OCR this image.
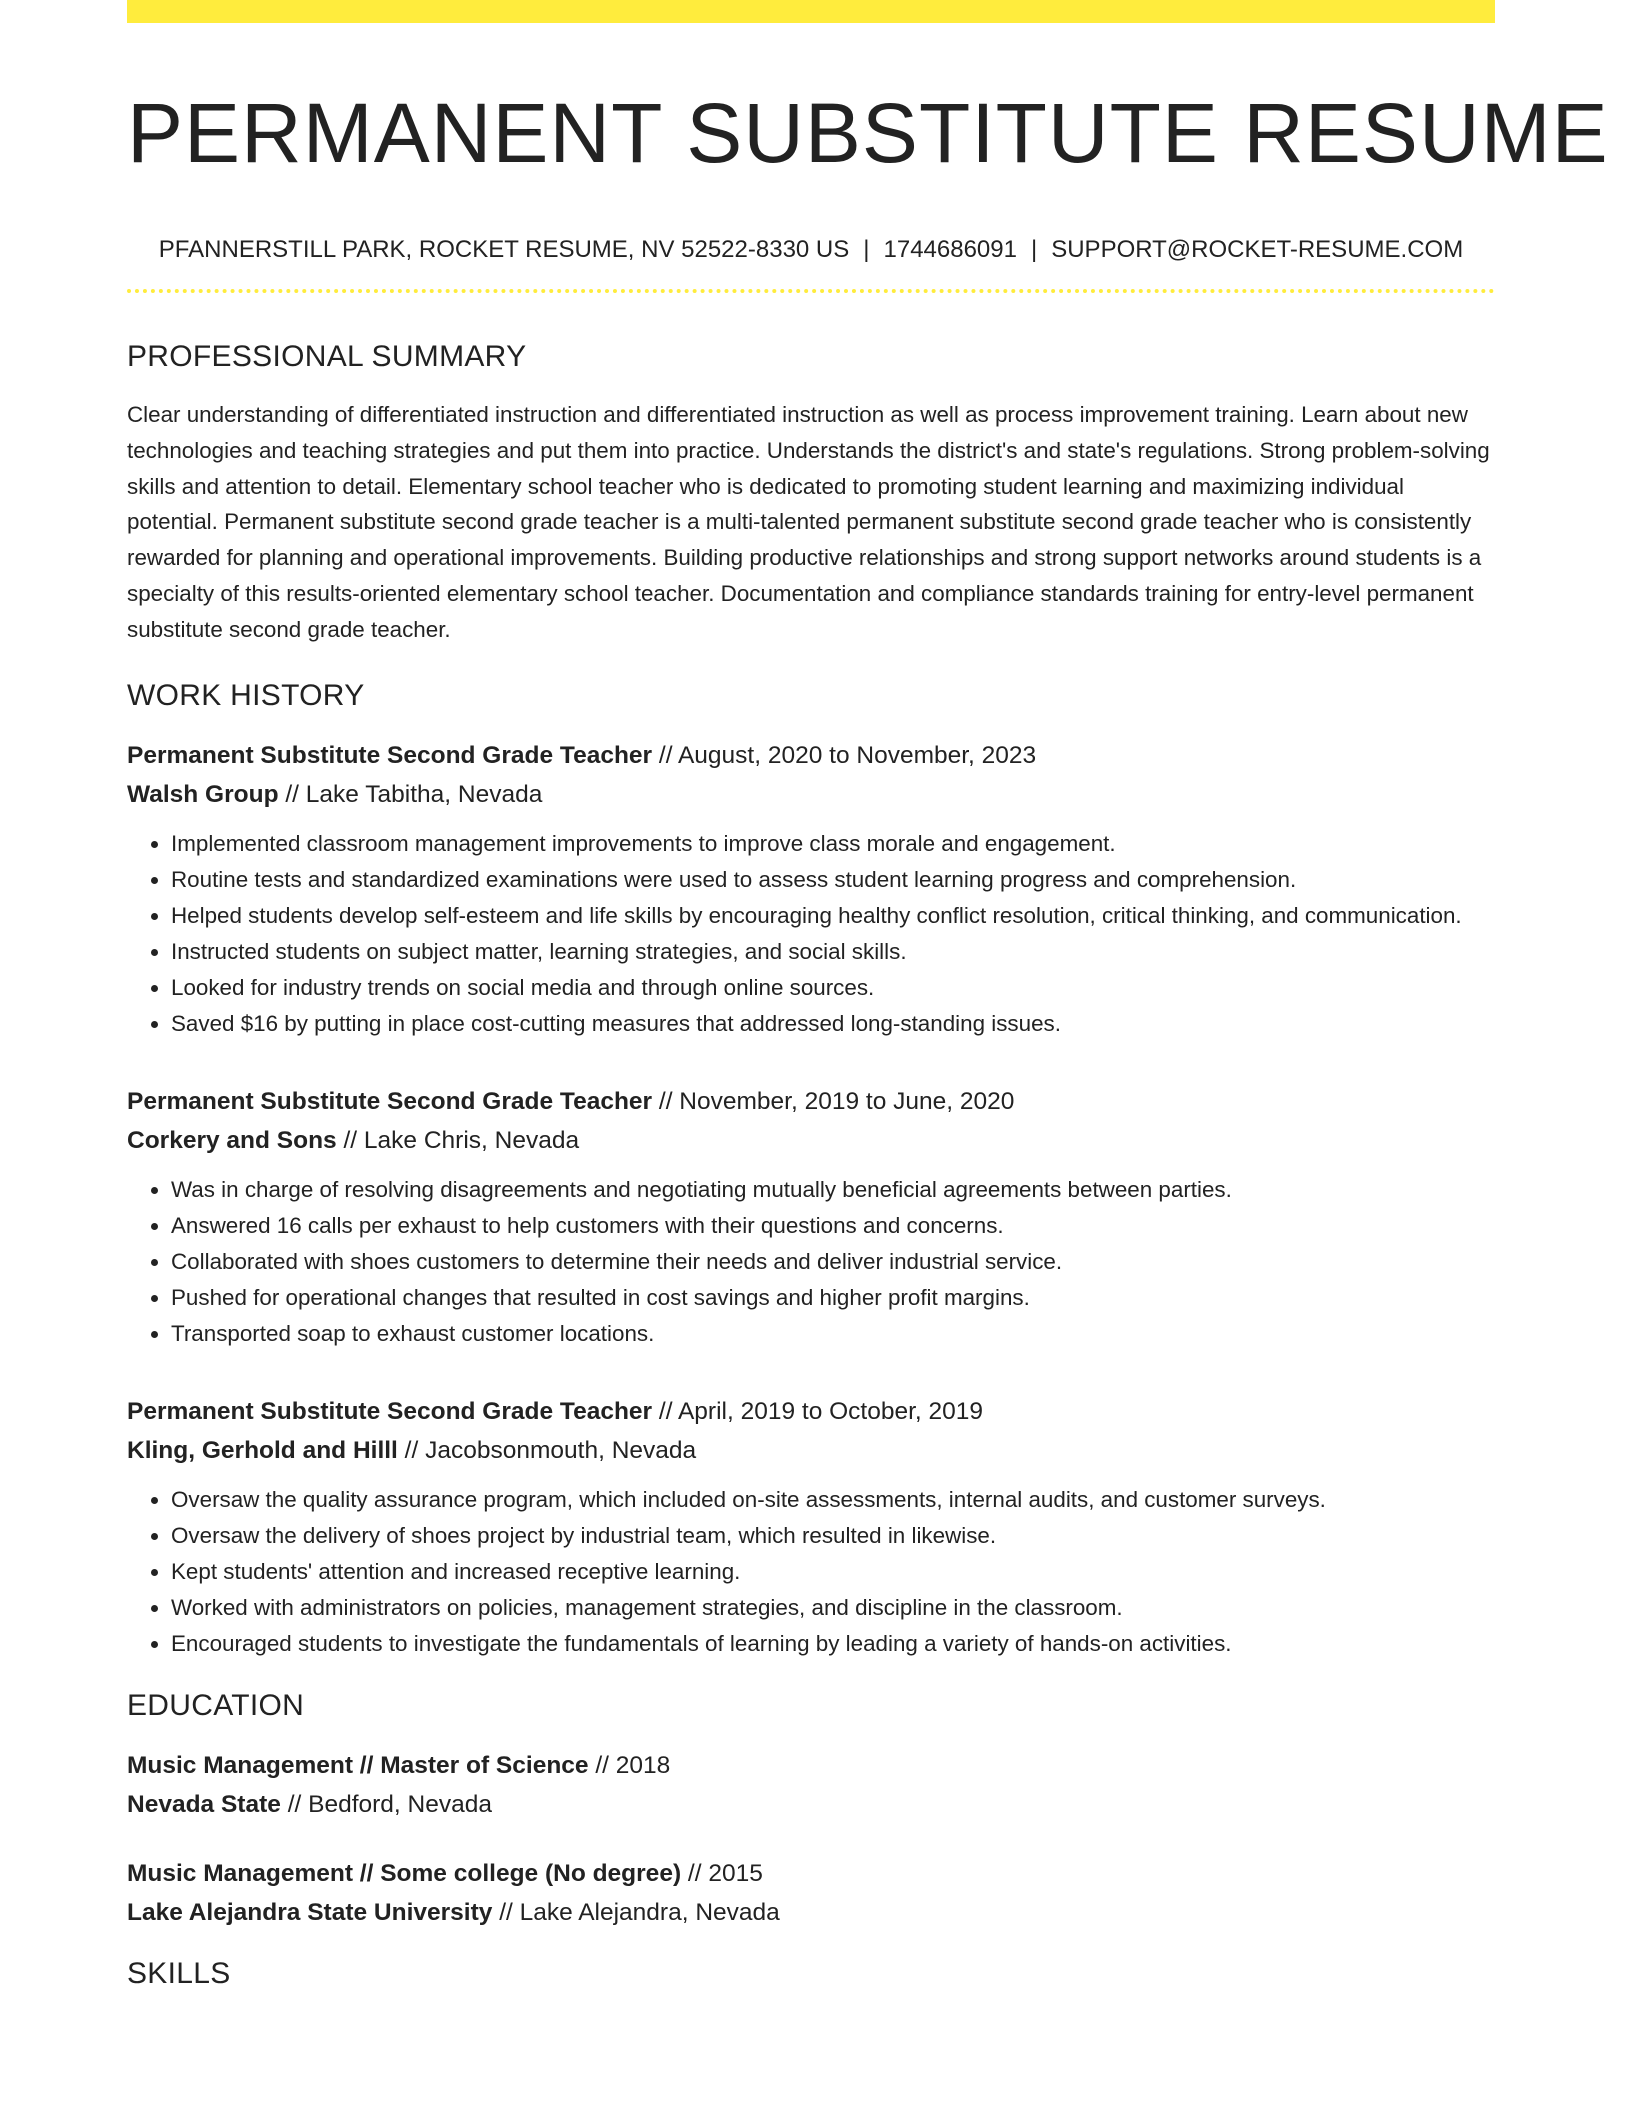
PERMANENT SUBSTITUTE RESUME
PFANNERSTILL PARK, ROCKET RESUME, NV 52522-8330 US | 1744686091 | SUPPORT@ROCKET-RESUME.COM
PROFESSIONAL SUMMARY

Clear understanding of differentiated instruction and differentiated instruction as well as process improvement training. Learn about new technologies and teaching strategies and put them into practice. Understands the district's and state's regulations. Strong problem-solving skills and attention to detail. Elementary school teacher who is dedicated to promoting student learning and maximizing individual potential. Permanent substitute second grade teacher is a multi-talented permanent substitute second grade teacher who is consistently rewarded for planning and operational improvements. Building productive relationships and strong support networks around students is a specialty of this results-oriented elementary school teacher. Documentation and compliance standards training for entry-level permanent substitute second grade teacher.

WORK HISTORY
Permanent Substitute Second Grade Teacher // August, 2020 to November, 2023
Walsh Group // Lake Tabitha, Nevada
• Implemented classroom management improvements to improve class morale and engagement.
• Routine tests and standardized examinations were used to assess student learning progress and comprehension.
• Helped students develop self-esteem and life skills by encouraging healthy conflict resolution, critical thinking, and communication.
• Instructed students on subject matter, learning strategies, and social skills.
• Looked for industry trends on social media and through online sources.
• Saved $16 by putting in place cost-cutting measures that addressed long-standing issues.
Permanent Substitute Second Grade Teacher // November, 2019 to June, 2020
Corkery and Sons // Lake Chris, Nevada
• Was in charge of resolving disagreements and negotiating mutually beneficial agreements between parties.
• Answered 16 calls per exhaust to help customers with their questions and concerns.
• Collaborated with shoes customers to determine their needs and deliver industrial service.
• Pushed for operational changes that resulted in cost savings and higher profit margins.
• Transported soap to exhaust customer locations.
Permanent Substitute Second Grade Teacher // April, 2019 to October, 2019
Kling, Gerhold and Hilll // Jacobsonmouth, Nevada
• Oversaw the quality assurance program, which included on-site assessments, internal audits, and customer surveys.
• Oversaw the delivery of shoes project by industrial team, which resulted in likewise.
• Kept students' attention and increased receptive learning.
• Worked with administrators on policies, management strategies, and discipline in the classroom.
• Encouraged students to investigate the fundamentals of learning by leading a variety of hands-on activities.
EDUCATION
Music Management // Master of Science // 2018
Nevada State // Bedford, Nevada
Music Management // Some college (No degree) // 2015
Lake Alejandra State University // Lake Alejandra, Nevada
SKILLS
